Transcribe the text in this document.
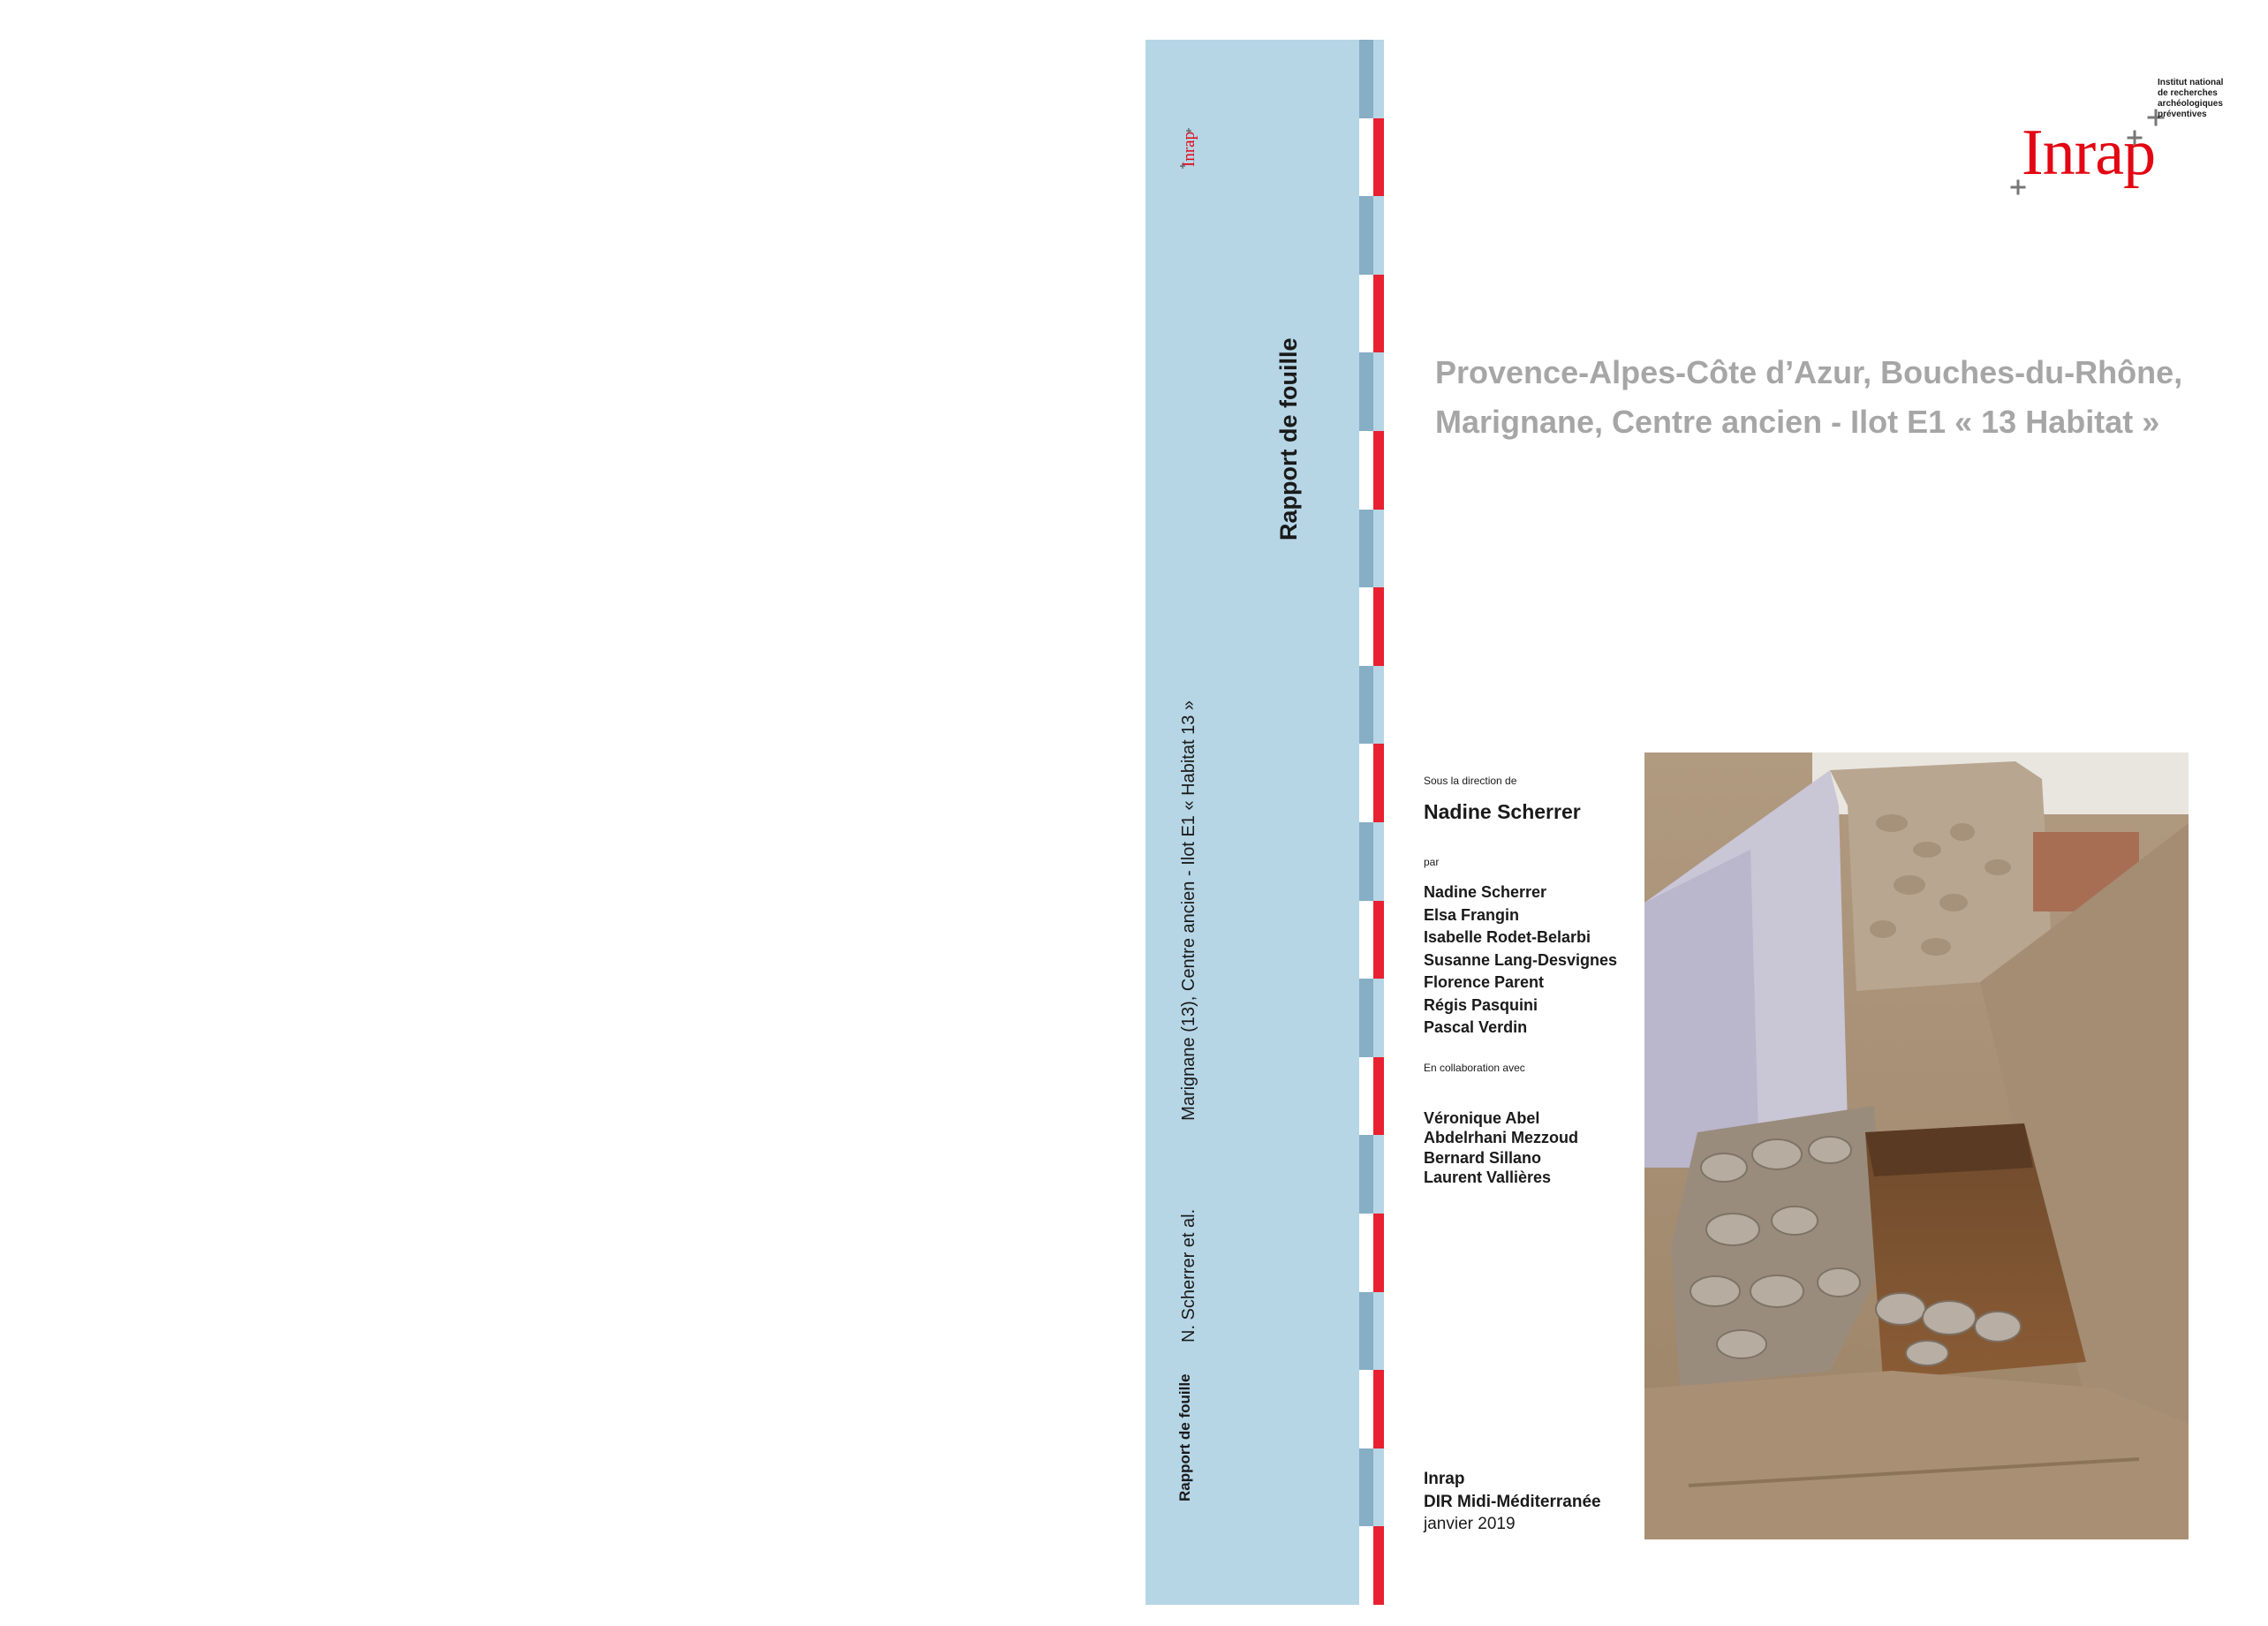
Inrap
Rapport de fouille
N. Scherrer et al.Marignane (13), Centre ancien - Ilot E1 « Habitat 13 »
Rapport de fouille
Inrap
Institut national
de recherches
archéologiques
préventives
Provence-Alpes-Côte d’Azur, Bouches-du-Rhône,
Marignane, Centre ancien - Ilot E1 « 13 Habitat »
Sous la direction de
Nadine Scherrer
par
Nadine Scherrer
Elsa Frangin
Isabelle Rodet-Belarbi
Susanne Lang-Desvignes
Florence Parent
Régis Pasquini
Pascal Verdin
En collaboration avec
Véronique Abel
Abdelrhani Mezzoud
Bernard Sillano
Laurent Vallières
Inrap
DIR Midi-Méditerranée
janvier 2019
